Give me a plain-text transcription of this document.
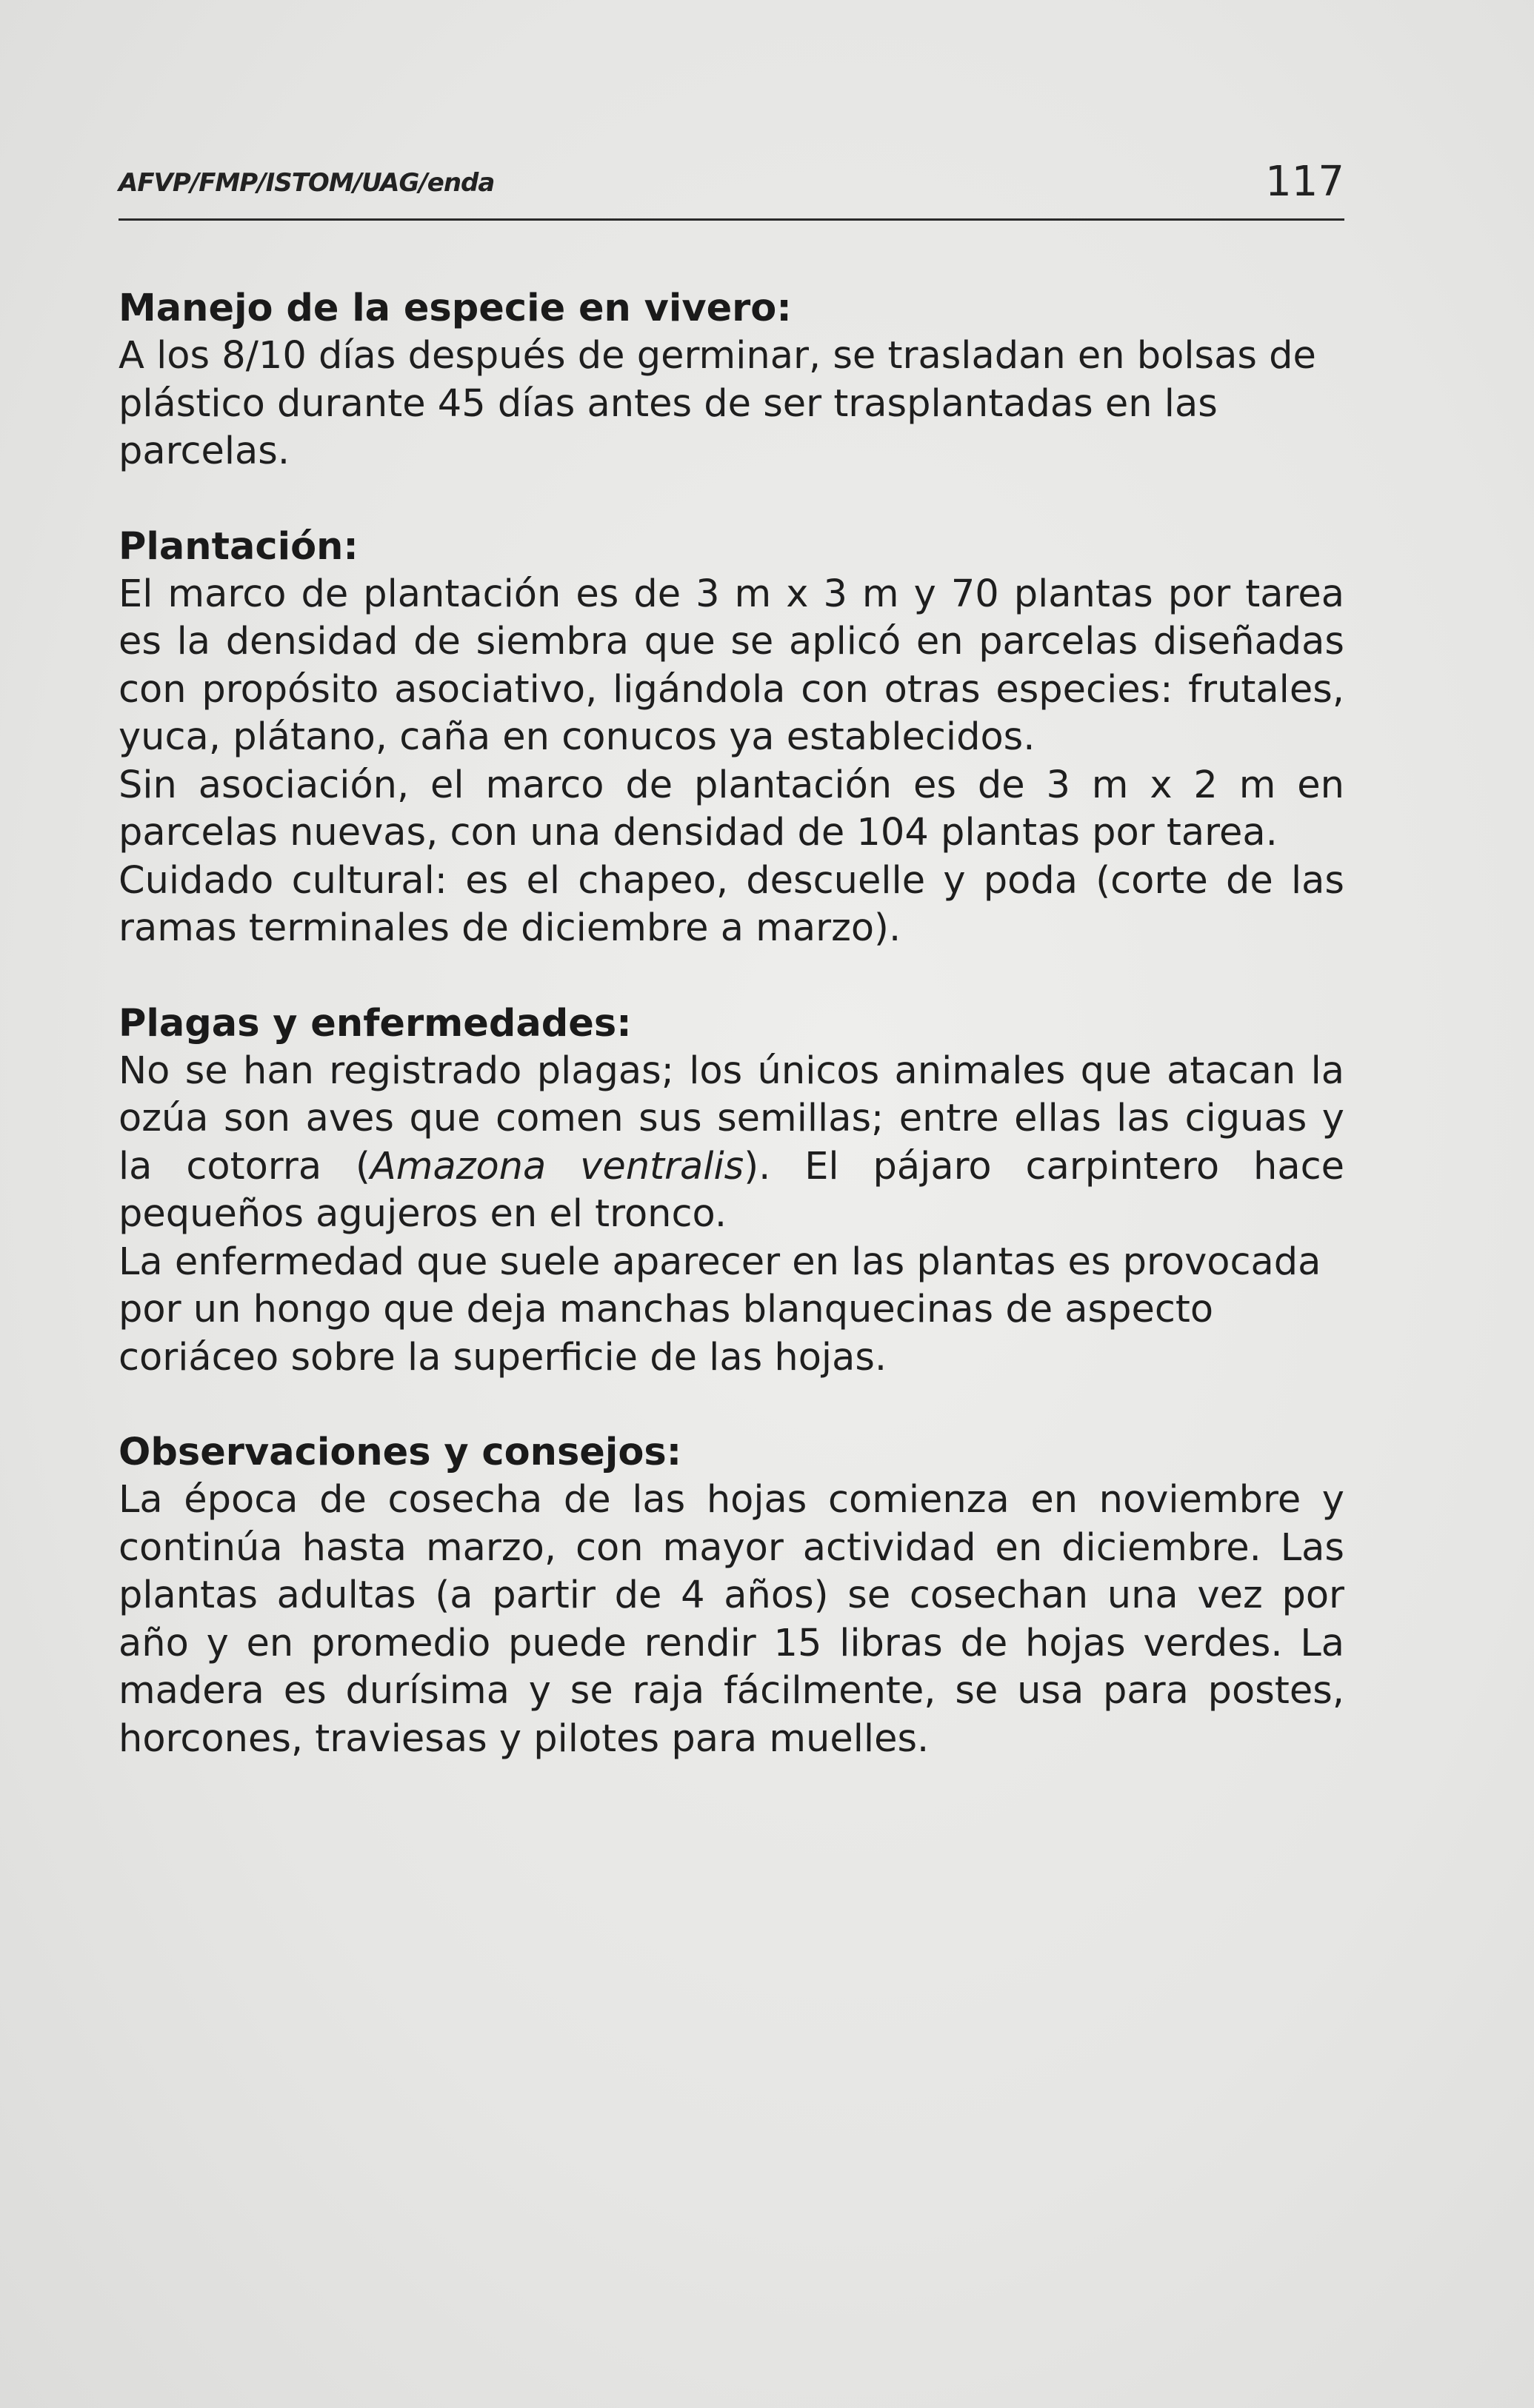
AFVP/FMP/ISTOM/UAG/enda	117
Manejo de la especie en vivero:

A los 8/10 días después de germinar, se trasladan en bolsas de plástico durante 45 días antes de ser trasplantadas en las parcelas.

Plantación:

El marco de plantación es de 3 m x 3 m y 70 plantas por tarea es la densidad de siembra que se aplicó en parcelas diseñadas con propósito asociativo, ligándola con otras especies: frutales, yuca, plátano, caña en conucos ya establecidos.

Sin asociación, el marco de plantación es de 3 m x 2 m en parcelas nuevas, con una densidad de 104 plantas por tarea.

Cuidado cultural: es el chapeo, descuelle y poda (corte de las ramas terminales de diciembre a marzo).

Plagas y enfermedades:

No se han registrado plagas; los únicos animales que atacan la ozúa son aves que comen sus semillas; entre ellas las ciguas y la cotorra (Amazona ventralis). El pájaro carpintero hace pequeños agujeros en el tronco.

La enfermedad que suele aparecer en las plantas es provocada por un hongo que deja manchas blanquecinas de aspecto coriáceo sobre la superficie de las hojas.

Observaciones y consejos:

La época de cosecha de las hojas comienza en noviembre y continúa hasta marzo, con mayor actividad en diciembre. Las plantas adultas (a partir de 4 años) se cosechan una vez por año y en promedio puede rendir 15 libras de hojas verdes. La madera es durísima y se raja fácilmente, se usa para postes, horcones, traviesas y pilotes para muelles.
